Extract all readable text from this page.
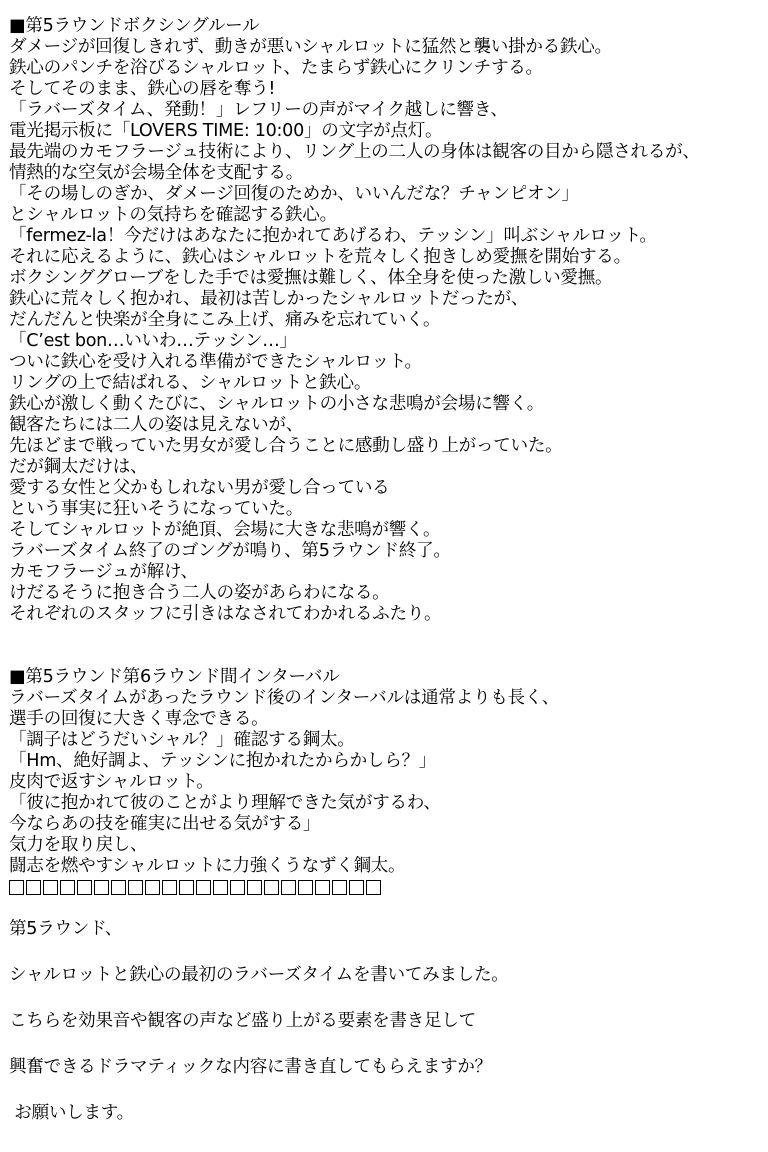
■第5ラウンドボクシングルール
ダメージが回復しきれず、動きが悪いシャルロットに猛然と襲い掛かる鉄心。
鉄心のパンチを浴びるシャルロット、たまらず鉄心にクリンチする。
そしてそのまま、鉄心の唇を奪う!
「ラバーズタイム、発動！」レフリーの声がマイク越しに響き、
電光掲示板に「LOVERS TIME: 10:00」の文字が点灯。
最先端のカモフラージュ技術により、リング上の二人の身体は観客の目から隠されるが、
情熱的な空気が会場全体を支配する。
「その場しのぎか、ダメージ回復のためか、いいんだな？チャンピオン」
とシャルロットの気持ちを確認する鉄心。
「fermez-la！今だけはあなたに抱かれてあげるわ、テッシン」叫ぶシャルロット。
それに応えるように、鉄心はシャルロットを荒々しく抱きしめ愛撫を開始する。
ボクシンググローブをした手では愛撫は難しく、体全身を使った激しい愛撫。
鉄心に荒々しく抱かれ、最初は苦しかったシャルロットだったが、
だんだんと快楽が全身にこみ上げ、痛みを忘れていく。
「C’est bon…いいわ…テッシン…」
ついに鉄心を受け入れる準備ができたシャルロット。
リングの上で結ばれる、シャルロットと鉄心。
鉄心が激しく動くたびに、シャルロットの小さな悲鳴が会場に響く。
観客たちには二人の姿は見えないが、
先ほどまで戦っていた男女が愛し合うことに感動し盛り上がっていた。
だが鋼太だけは、
愛する女性と父かもしれない男が愛し合っている
という事実に狂いそうになっていた。
そしてシャルロットが絶頂、会場に大きな悲鳴が響く。
ラバーズタイム終了のゴングが鳴り、第5ラウンド終了。
カモフラージュが解け、
けだるそうに抱き合う二人の姿があらわになる。
それぞれのスタッフに引きはなされてわかれるふたり。
■第5ラウンド第6ラウンド間インターバル
ラバーズタイムがあったラウンド後のインターバルは通常よりも長く、
選手の回復に大きく専念できる。
「調子はどうだいシャル？」確認する鋼太。
「Hm、絶好調よ、テッシンに抱かれたからかしら？」
皮肉で返すシャルロット。
「彼に抱かれて彼のことがより理解できた気がするわ、
今ならあの技を確実に出せる気がする」
気力を取り戻し、
闘志を燃やすシャルロットに力強くうなずく鋼太。
第5ラウンド、
シャルロットと鉄心の最初のラバーズタイムを書いてみました。
こちらを効果音や観客の声など盛り上がる要素を書き足して
興奮できるドラマティックな内容に書き直してもらえますか？
お願いします。
